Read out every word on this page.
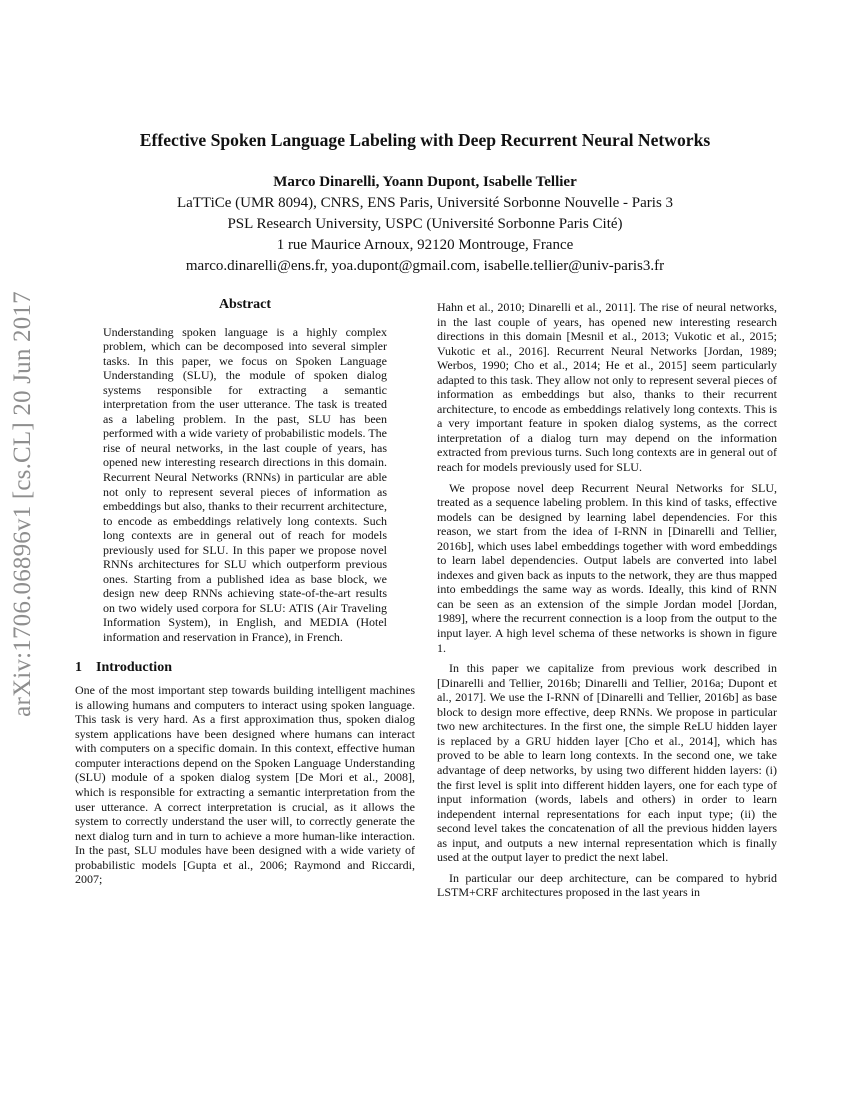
arXiv:1706.06896v1 [cs.CL] 20 Jun 2017
Effective Spoken Language Labeling with Deep Recurrent Neural Networks
Marco Dinarelli, Yoann Dupont, Isabelle Tellier
LaTTiCe (UMR 8094), CNRS, ENS Paris, Université Sorbonne Nouvelle - Paris 3
PSL Research University, USPC (Université Sorbonne Paris Cité)
1 rue Maurice Arnoux, 92120 Montrouge, France
marco.dinarelli@ens.fr, yoa.dupont@gmail.com, isabelle.tellier@univ-paris3.fr
Abstract

Understanding spoken language is a highly complex problem, which can be decomposed into several simpler tasks. In this paper, we focus on Spoken Language Understanding (SLU), the module of spoken dialog systems responsible for extracting a semantic interpretation from the user utterance. The task is treated as a labeling problem. In the past, SLU has been performed with a wide variety of probabilistic models. The rise of neural networks, in the last couple of years, has opened new interesting research directions in this domain. Recurrent Neural Networks (RNNs) in particular are able not only to represent several pieces of information as embeddings but also, thanks to their recurrent architecture, to encode as embeddings relatively long contexts. Such long contexts are in general out of reach for models previously used for SLU. In this paper we propose novel RNNs architectures for SLU which outperform previous ones. Starting from a published idea as base block, we design new deep RNNs achieving state-of-the-art results on two widely used corpora for SLU: ATIS (Air Traveling Information System), in English, and MEDIA (Hotel information and reservation in France), in French.

1 Introduction

One of the most important step towards building intelligent machines is allowing humans and computers to interact using spoken language. This task is very hard. As a first approximation thus, spoken dialog system applications have been designed where humans can interact with computers on a specific domain. In this context, effective human computer interactions depend on the Spoken Language Understanding (SLU) module of a spoken dialog system [De Mori et al., 2008], which is responsible for extracting a semantic interpretation from the user utterance. A correct interpretation is crucial, as it allows the system to correctly understand the user will, to correctly generate the next dialog turn and in turn to achieve a more human-like interaction. In the past, SLU modules have been designed with a wide variety of probabilistic models [Gupta et al., 2006; Raymond and Riccardi, 2007;

Hahn et al., 2010; Dinarelli et al., 2011]. The rise of neural networks, in the last couple of years, has opened new interesting research directions in this domain [Mesnil et al., 2013; Vukotic et al., 2015; Vukotic et al., 2016]. Recurrent Neural Networks [Jordan, 1989; Werbos, 1990; Cho et al., 2014; He et al., 2015] seem particularly adapted to this task. They allow not only to represent several pieces of information as embeddings but also, thanks to their recurrent architecture, to encode as embeddings relatively long contexts. This is a very important feature in spoken dialog systems, as the correct interpretation of a dialog turn may depend on the information extracted from previous turns. Such long contexts are in general out of reach for models previously used for SLU.

We propose novel deep Recurrent Neural Networks for SLU, treated as a sequence labeling problem. In this kind of tasks, effective models can be designed by learning label dependencies. For this reason, we start from the idea of I-RNN in [Dinarelli and Tellier, 2016b], which uses label embeddings together with word embeddings to learn label dependencies. Output labels are converted into label indexes and given back as inputs to the network, they are thus mapped into embeddings the same way as words. Ideally, this kind of RNN can be seen as an extension of the simple Jordan model [Jordan, 1989], where the recurrent connection is a loop from the output to the input layer. A high level schema of these networks is shown in figure 1.

In this paper we capitalize from previous work described in [Dinarelli and Tellier, 2016b; Dinarelli and Tellier, 2016a; Dupont et al., 2017]. We use the I-RNN of [Dinarelli and Tellier, 2016b] as base block to design more effective, deep RNNs. We propose in particular two new architectures. In the first one, the simple ReLU hidden layer is replaced by a GRU hidden layer [Cho et al., 2014], which has proved to be able to learn long contexts. In the second one, we take advantage of deep networks, by using two different hidden layers: (i) the first level is split into different hidden layers, one for each type of input information (words, labels and others) in order to learn independent internal representations for each input type; (ii) the second level takes the concatenation of all the previous hidden layers as input, and outputs a new internal representation which is finally used at the output layer to predict the next label.

In particular our deep architecture, can be compared to hybrid LSTM+CRF architectures proposed in the last years in
